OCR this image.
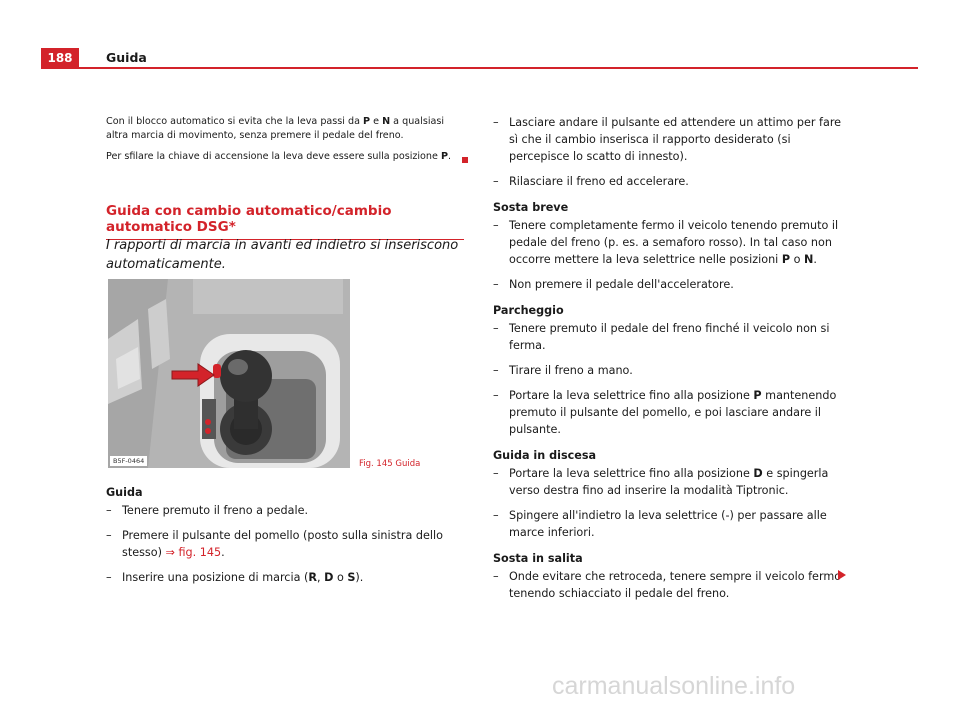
188	Guida

Con il blocco automatico si evita che la leva passi da P e N a qualsiasi altra marcia di movimento, senza premere il pedale del freno.

Per sfilare la chiave di accensione la leva deve essere sulla posizione P.

Guida con cambio automatico/cambio automatico DSG*
I rapporti di marcia in avanti ed indietro si inseriscono automaticamente.
B5F-0464	Fig. 145 Guida

Guida

– Tenere premuto il freno a pedale.
– Premere il pulsante del pomello (posto sulla sinistra dello stesso) ⇒ fig. 145.
– Inserire una posizione di marcia (R, D o S).
– Lasciare andare il pulsante ed attendere un attimo per fare sì che il cambio inserisca il rapporto desiderato (si percepisce lo scatto di innesto).
– Rilasciare il freno ed accelerare.

Sosta breve

– Tenere completamente fermo il veicolo tenendo premuto il pedale del freno (p. es. a semaforo rosso). In tal caso non occorre mettere la leva selettrice nelle posizioni P o N.
– Non premere il pedale dell'acceleratore.

Parcheggio

– Tenere premuto il pedale del freno finché il veicolo non si ferma.
– Tirare il freno a mano.
– Portare la leva selettrice fino alla posizione P mantenendo premuto il pulsante del pomello, e poi lasciare andare il pulsante.

Guida in discesa

– Portare la leva selettrice fino alla posizione D e spingerla verso destra fino ad inserire la modalità Tiptronic.
– Spingere all'indietro la leva selettrice (-) per passare alle marce inferiori.

Sosta in salita

– Onde evitare che retroceda, tenere sempre il veicolo fermo tenendo schiacciato il pedale del freno.
carmanualsonline.info
